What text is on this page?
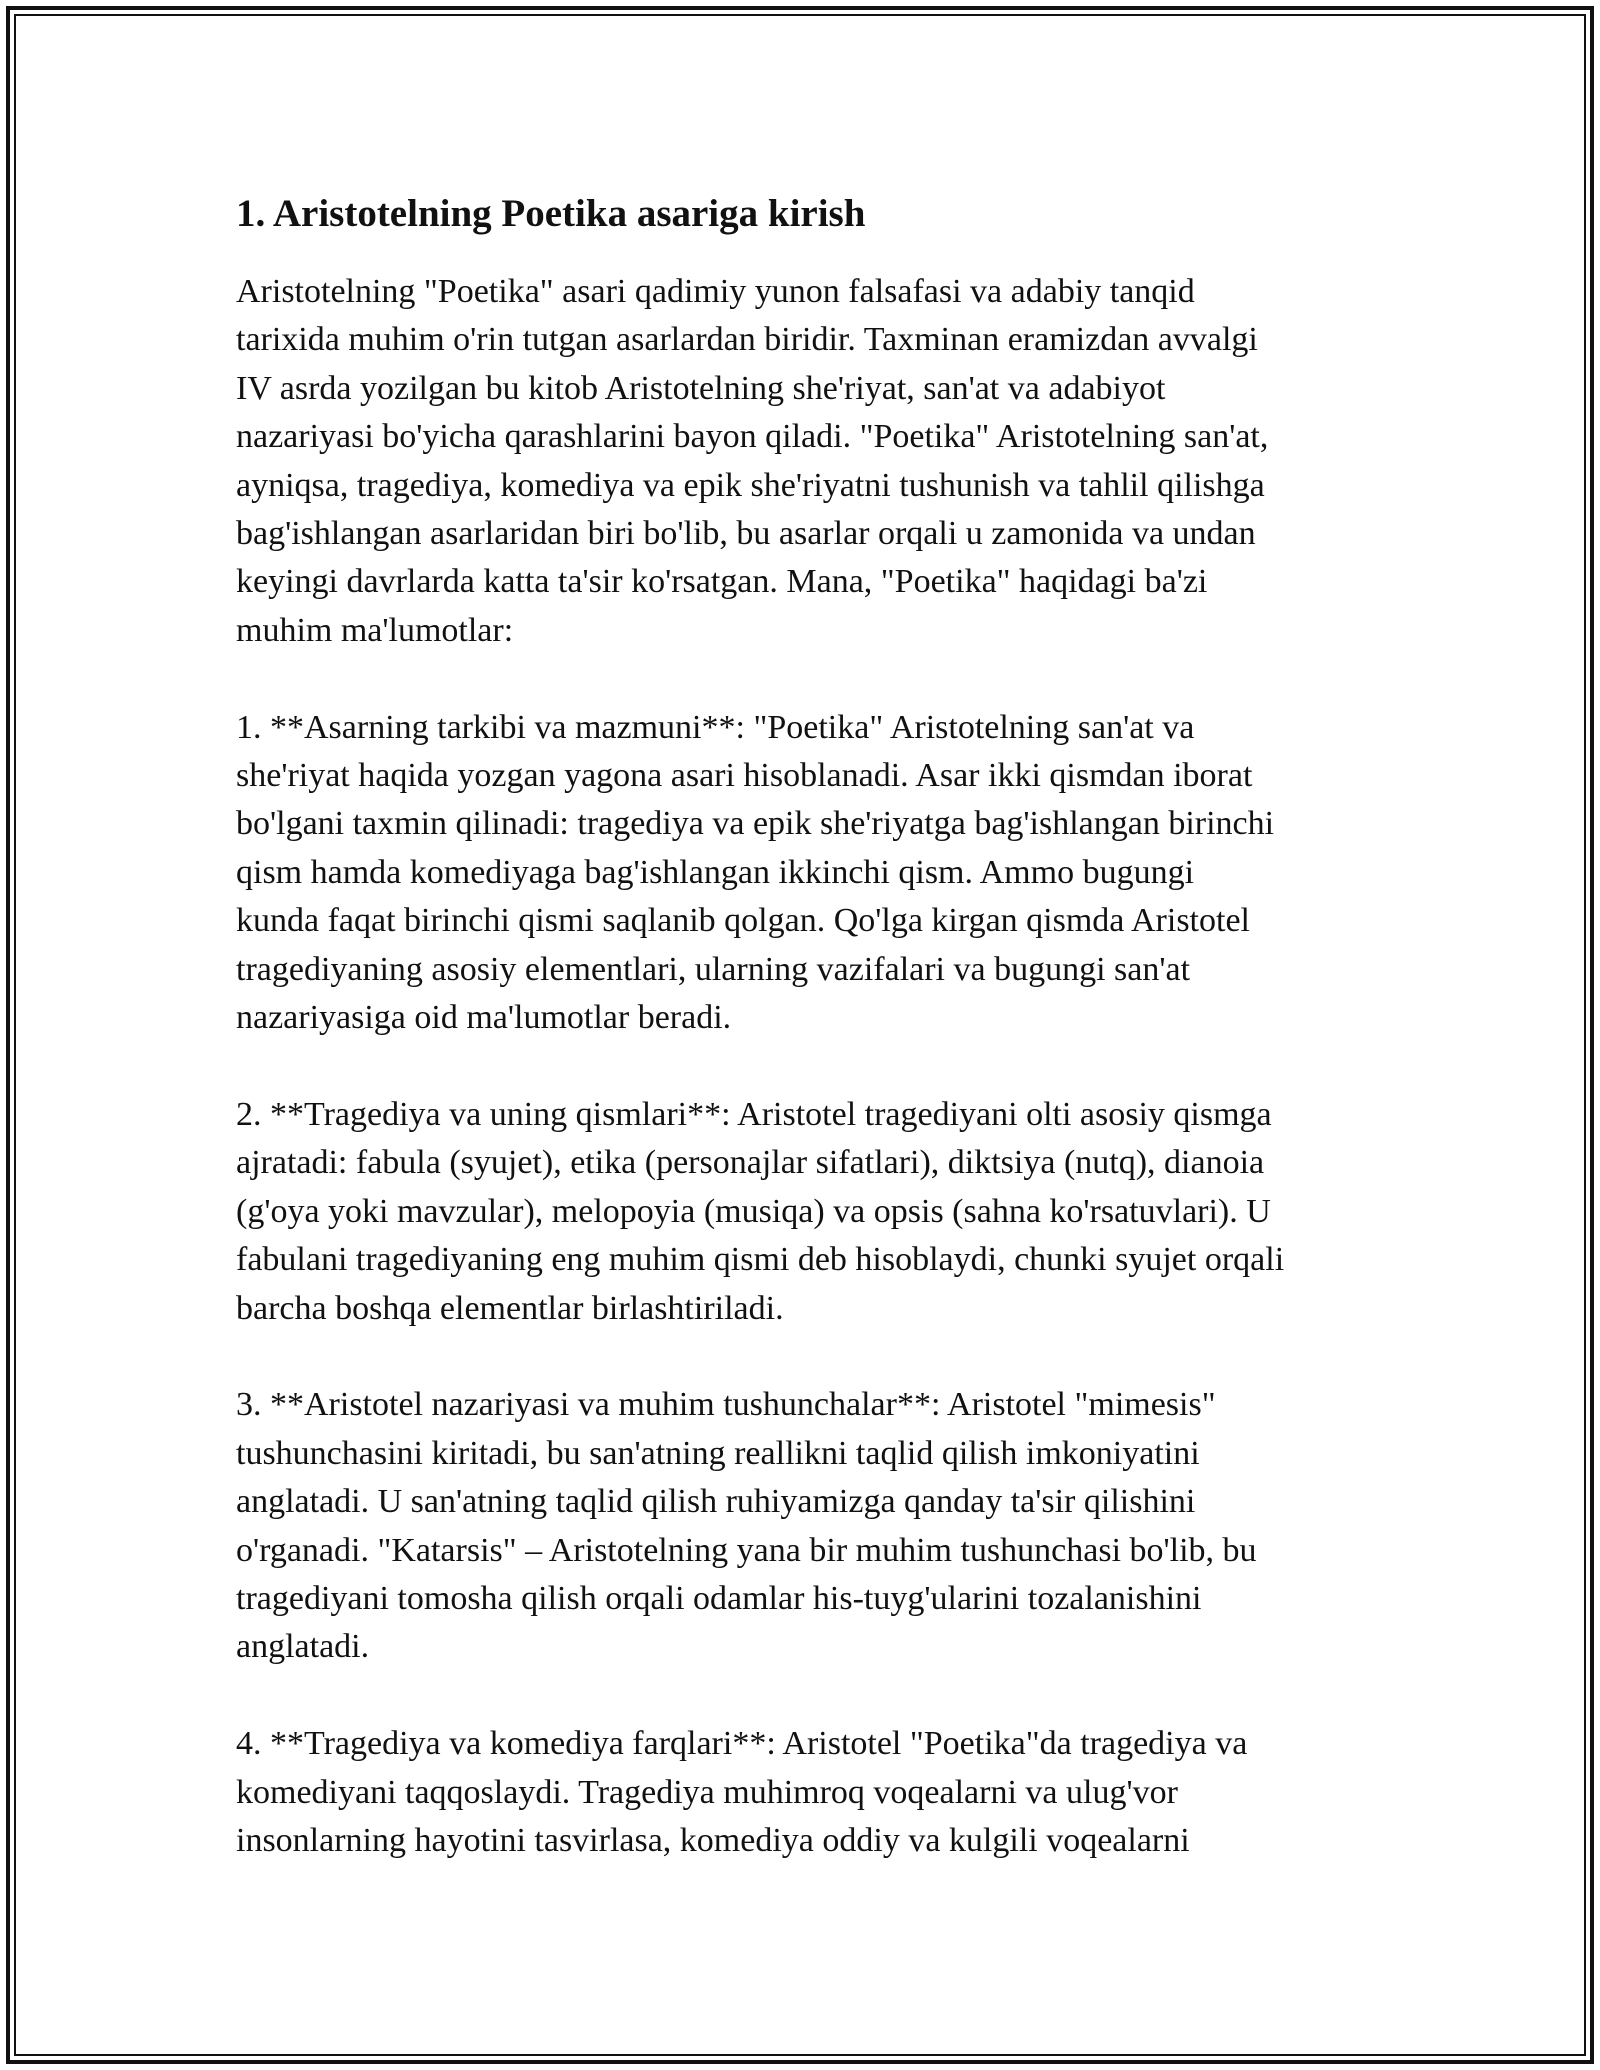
1. Aristotelning Poetika asariga kirish
Aristotelning "Poetika" asari qadimiy yunon falsafasi va adabiy tanqid
tarixida muhim o'rin tutgan asarlardan biridir. Taxminan eramizdan avvalgi
IV asrda yozilgan bu kitob Aristotelning she'riyat, san'at va adabiyot
nazariyasi bo'yicha qarashlarini bayon qiladi. "Poetika" Aristotelning san'at,
ayniqsa, tragediya, komediya va epik she'riyatni tushunish va tahlil qilishga
bag'ishlangan asarlaridan biri bo'lib, bu asarlar orqali u zamonida va undan
keyingi davrlarda katta ta'sir ko'rsatgan. Mana, "Poetika" haqidagi ba'zi
muhim ma'lumotlar:
1. **Asarning tarkibi va mazmuni**: "Poetika" Aristotelning san'at va
she'riyat haqida yozgan yagona asari hisoblanadi. Asar ikki qismdan iborat
bo'lgani taxmin qilinadi: tragediya va epik she'riyatga bag'ishlangan birinchi
qism hamda komediyaga bag'ishlangan ikkinchi qism. Ammo bugungi
kunda faqat birinchi qismi saqlanib qolgan. Qo'lga kirgan qismda Aristotel
tragediyaning asosiy elementlari, ularning vazifalari va bugungi san'at
nazariyasiga oid ma'lumotlar beradi.
2. **Tragediya va uning qismlari**: Aristotel tragediyani olti asosiy qismga
ajratadi: fabula (syujet), etika (personajlar sifatlari), diktsiya (nutq), dianoia
(g'oya yoki mavzular), melopoyia (musiqa) va opsis (sahna ko'rsatuvlari). U
fabulani tragediyaning eng muhim qismi deb hisoblaydi, chunki syujet orqali
barcha boshqa elementlar birlashtiriladi.
3. **Aristotel nazariyasi va muhim tushunchalar**: Aristotel "mimesis"
tushunchasini kiritadi, bu san'atning reallikni taqlid qilish imkoniyatini
anglatadi. U san'atning taqlid qilish ruhiyamizga qanday ta'sir qilishini
o'rganadi. "Katarsis" – Aristotelning yana bir muhim tushunchasi bo'lib, bu
tragediyani tomosha qilish orqali odamlar his-tuyg'ularini tozalanishini
anglatadi.
4. **Tragediya va komediya farqlari**: Aristotel "Poetika"da tragediya va
komediyani taqqoslaydi. Tragediya muhimroq voqealarni va ulug'vor
insonlarning hayotini tasvirlasa, komediya oddiy va kulgili voqealarni
